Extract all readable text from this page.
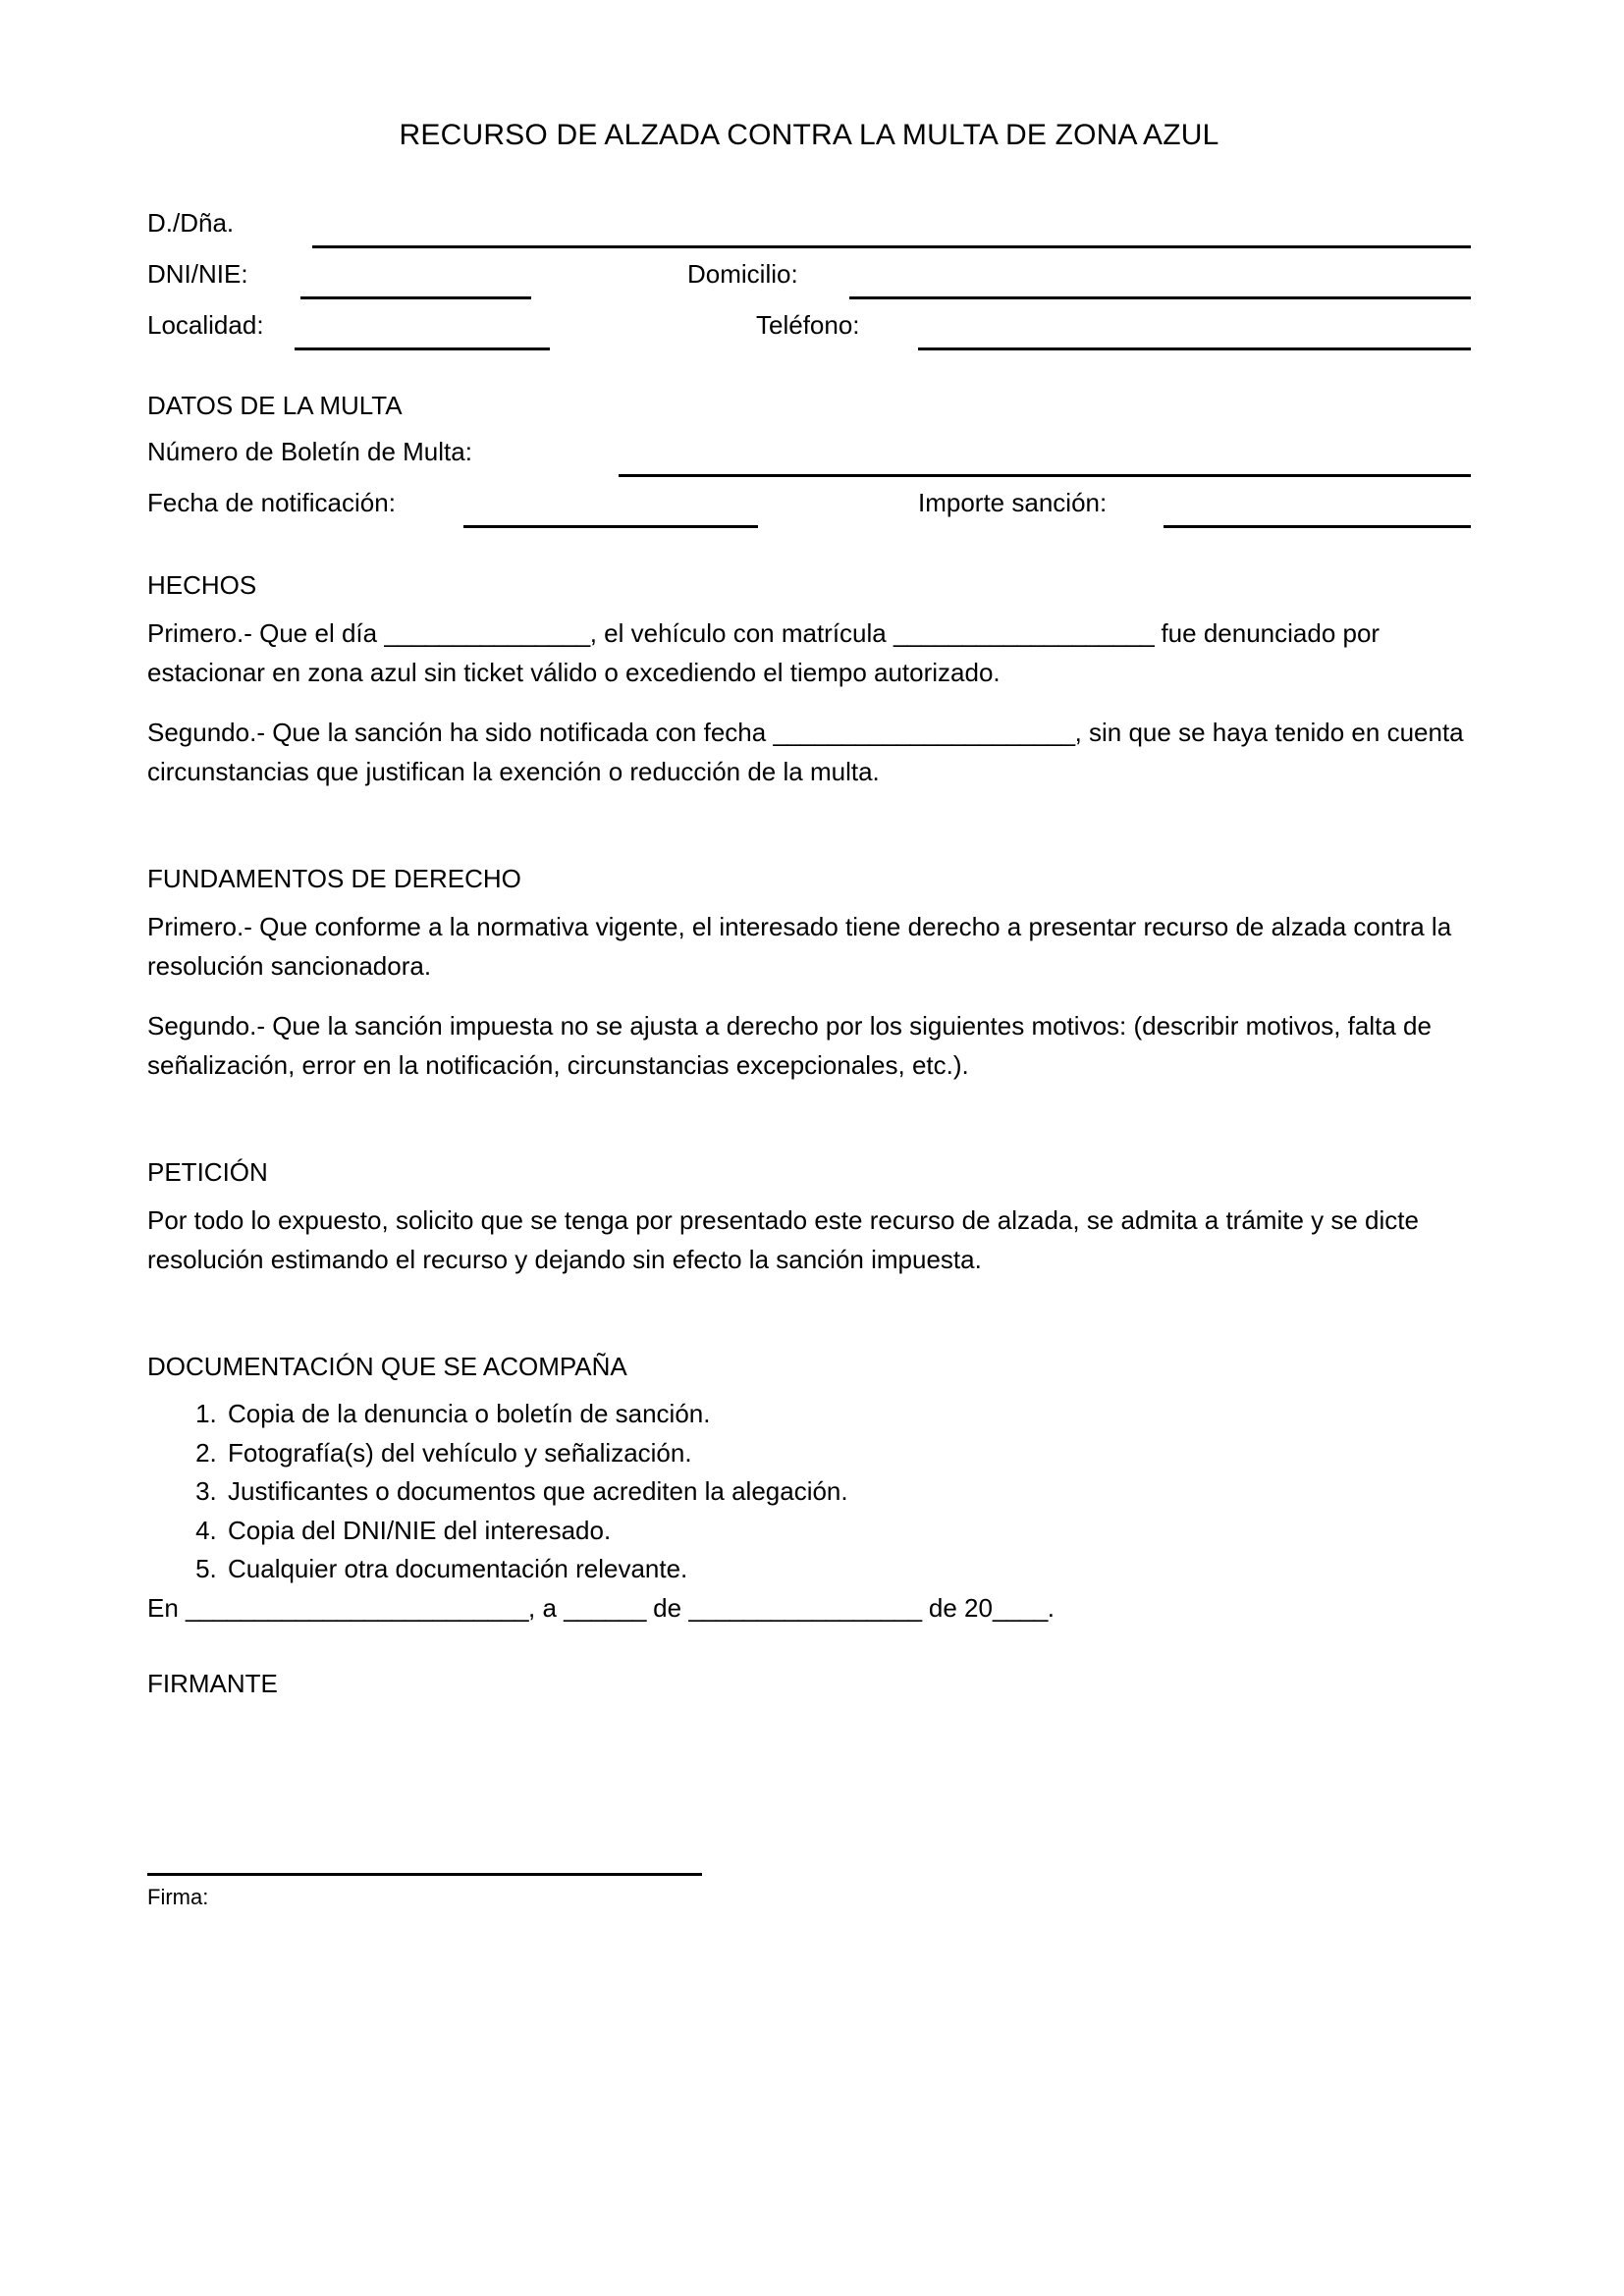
RECURSO DE ALZADA CONTRA LA MULTA DE ZONA AZUL
D./Dña.
DNI/NIE:	Domicilio:
Localidad:	Teléfono:
DATOS DE LA MULTA
Número de Boletín de Multa:
Fecha de notificación:	Importe sanción:
HECHOS

Primero.- Que el día _______________, el vehículo con matrícula ___________________ fue denunciado por estacionar en zona azul sin ticket válido o excediendo el tiempo autorizado.

Segundo.- Que la sanción ha sido notificada con fecha ______________________, sin que se haya tenido en cuenta circunstancias que justifican la exención o reducción de la multa.

FUNDAMENTOS DE DERECHO

Primero.- Que conforme a la normativa vigente, el interesado tiene derecho a presentar recurso de alzada contra la resolución sancionadora.

Segundo.- Que la sanción impuesta no se ajusta a derecho por los siguientes motivos: (describir motivos, falta de señalización, error en la notificación, circunstancias excepcionales, etc.).

PETICIÓN

Por todo lo expuesto, solicito que se tenga por presentado este recurso de alzada, se admita a trámite y se dicte resolución estimando el recurso y dejando sin efecto la sanción impuesta.

DOCUMENTACIÓN QUE SE ACOMPAÑA
1. Copia de la denuncia o boletín de sanción.
2. Fotografía(s) del vehículo y señalización.
3. Justificantes o documentos que acrediten la alegación.
4. Copia del DNI/NIE del interesado.
5. Cualquier otra documentación relevante.

En _________________________, a ______ de _________________ de 20____.

FIRMANTE
Firma:
